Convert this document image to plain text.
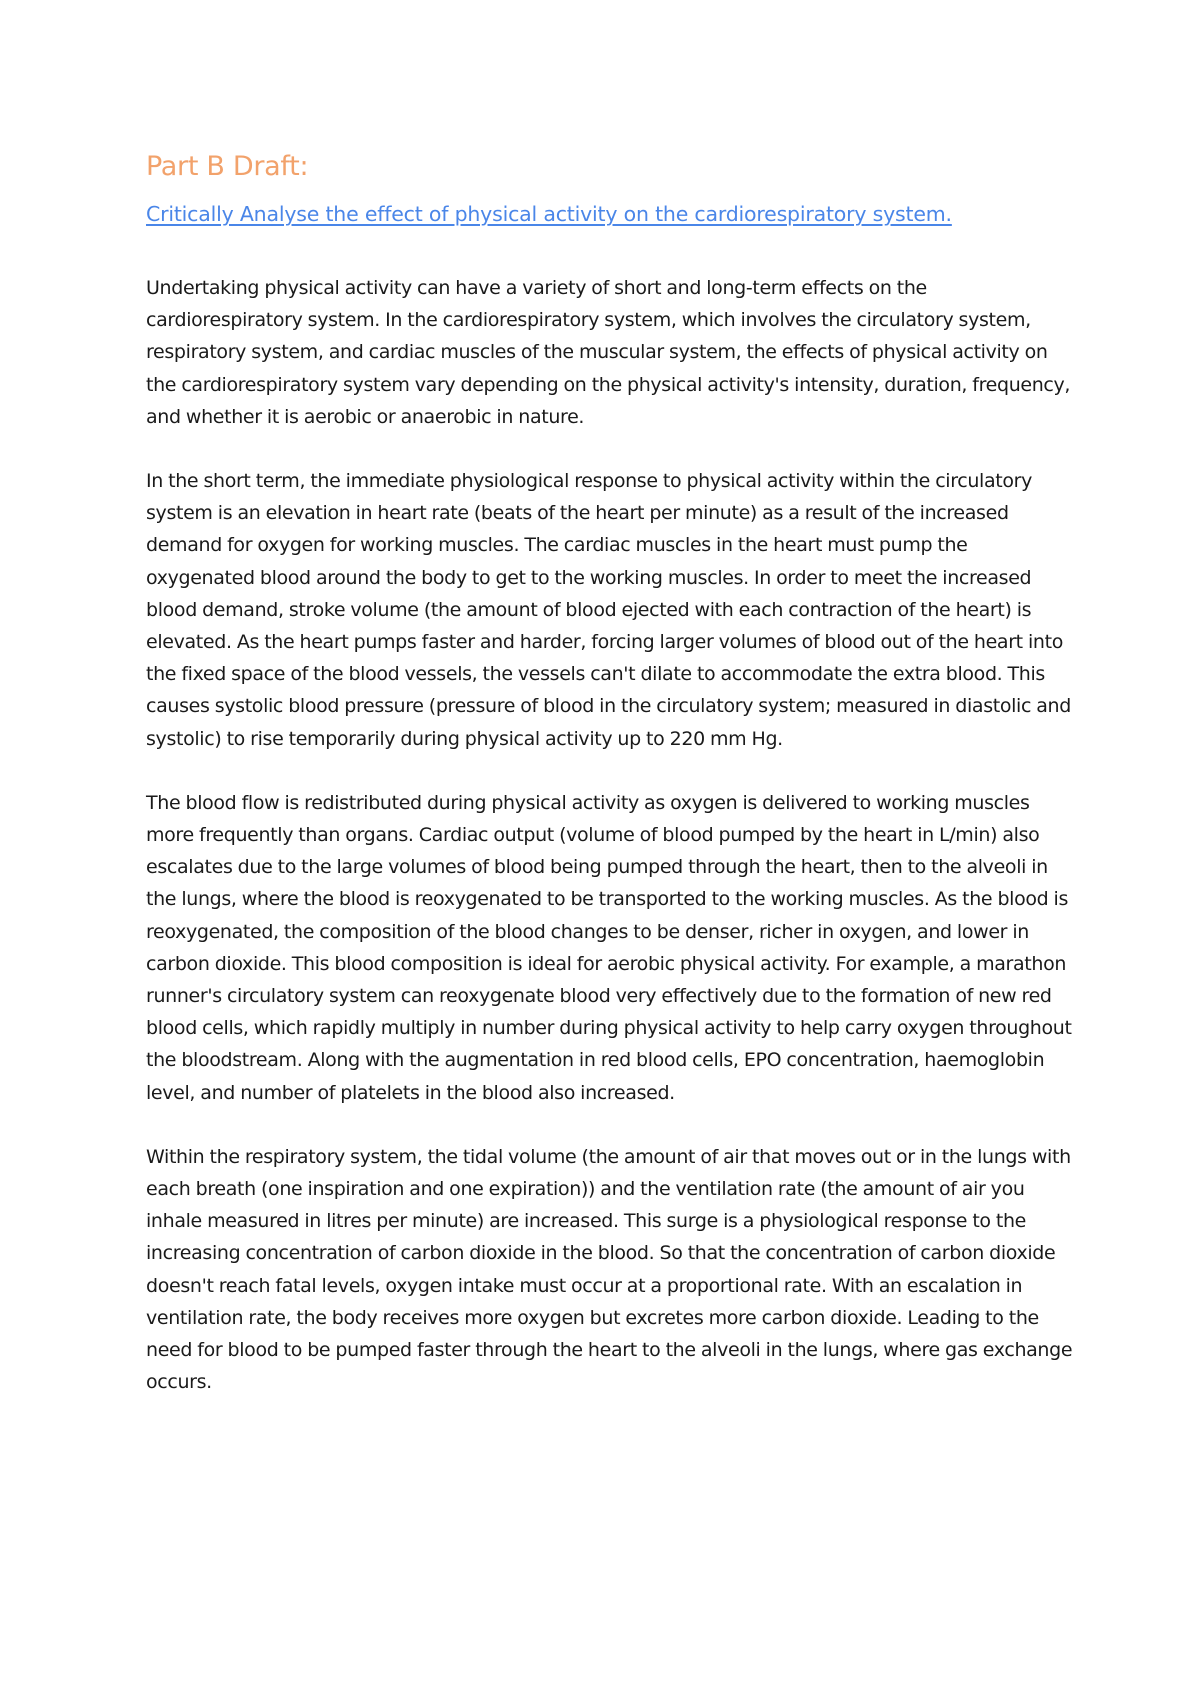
Part B Draft:
Critically Analyse the effect of physical activity on the cardiorespiratory system.

Undertaking physical activity can have a variety of short and long-term effects on the cardiorespiratory system. In the cardiorespiratory system, which involves the circulatory system, respiratory system, and cardiac muscles of the muscular system, the effects of physical activity on the cardiorespiratory system vary depending on the physical activity's intensity, duration, frequency, and whether it is aerobic or anaerobic in nature.

In the short term, the immediate physiological response to physical activity within the circulatory system is an elevation in heart rate (beats of the heart per minute) as a result of the increased demand for oxygen for working muscles. The cardiac muscles in the heart must pump the oxygenated blood around the body to get to the working muscles. In order to meet the increased blood demand, stroke volume (the amount of blood ejected with each contraction of the heart) is elevated. As the heart pumps faster and harder, forcing larger volumes of blood out of the heart into the fixed space of the blood vessels, the vessels can't dilate to accommodate the extra blood. This causes systolic blood pressure (pressure of blood in the circulatory system; measured in diastolic and systolic) to rise temporarily during physical activity up to 220 mm Hg.

The blood flow is redistributed during physical activity as oxygen is delivered to working muscles more frequently than organs. Cardiac output (volume of blood pumped by the heart in L/min) also escalates due to the large volumes of blood being pumped through the heart, then to the alveoli in the lungs, where the blood is reoxygenated to be transported to the working muscles. As the blood is reoxygenated, the composition of the blood changes to be denser, richer in oxygen, and lower in carbon dioxide. This blood composition is ideal for aerobic physical activity. For example, a marathon runner's circulatory system can reoxygenate blood very effectively due to the formation of new red blood cells, which rapidly multiply in number during physical activity to help carry oxygen throughout the bloodstream. Along with the augmentation in red blood cells, EPO concentration, haemoglobin level, and number of platelets in the blood also increased.

Within the respiratory system, the tidal volume (the amount of air that moves out or in the lungs with each breath (one inspiration and one expiration)) and the ventilation rate (the amount of air you inhale measured in litres per minute) are increased. This surge is a physiological response to the increasing concentration of carbon dioxide in the blood. So that the concentration of carbon dioxide doesn't reach fatal levels, oxygen intake must occur at a proportional rate. With an escalation in ventilation rate, the body receives more oxygen but excretes more carbon dioxide. Leading to the need for blood to be pumped faster through the heart to the alveoli in the lungs, where gas exchange occurs.
